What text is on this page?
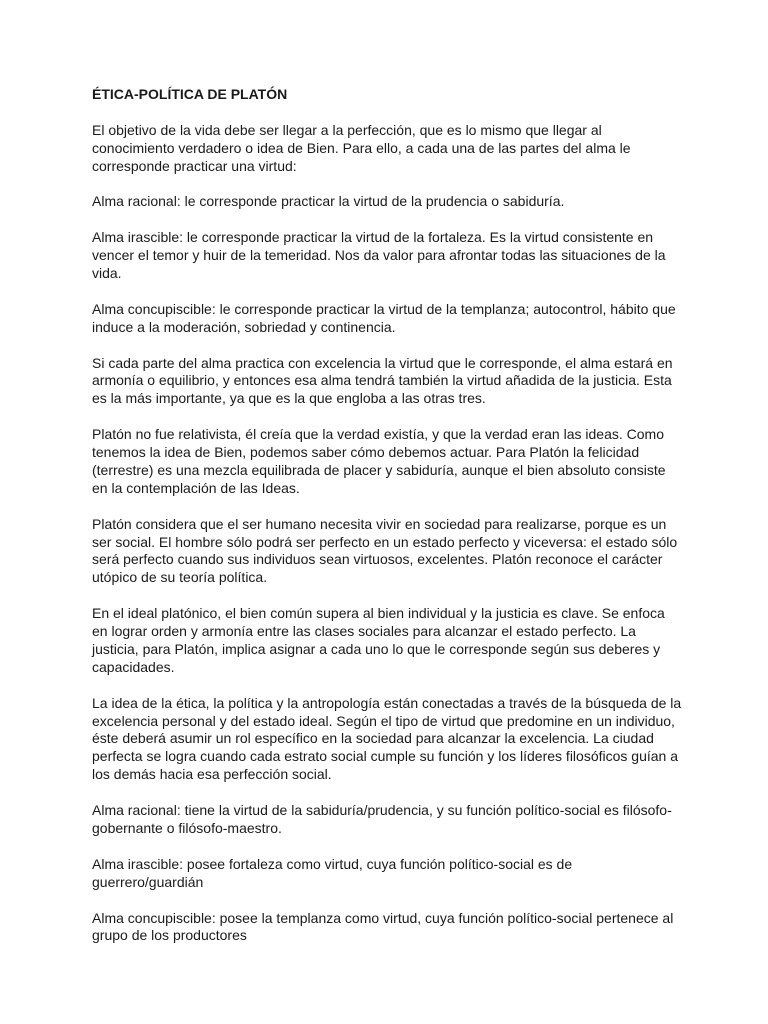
ÉTICA-POLÍTICA DE PLATÓN
El objetivo de la vida debe ser llegar a la perfección, que es lo mismo que llegar al conocimiento verdadero o idea de Bien. Para ello, a cada una de las partes del alma le corresponde practicar una virtud:
Alma racional: le corresponde practicar la virtud de la prudencia o sabiduría.
Alma irascible: le corresponde practicar la virtud de la fortaleza. Es la virtud consistente en vencer el temor y huir de la temeridad. Nos da valor para afrontar todas las situaciones de la vida.
Alma concupiscible: le corresponde practicar la virtud de la templanza; autocontrol, hábito que induce a la moderación, sobriedad y continencia.
Si cada parte del alma practica con excelencia la virtud que le corresponde, el alma estará en armonía o equilibrio, y entonces esa alma tendrá también la virtud añadida de la justicia. Esta es la más importante, ya que es la que engloba a las otras tres.
Platón no fue relativista, él creía que la verdad existía, y que la verdad eran las ideas. Como tenemos la idea de Bien, podemos saber cómo debemos actuar. Para Platón la felicidad (terrestre) es una mezcla equilibrada de placer y sabiduría, aunque el bien absoluto consiste en la contemplación de las Ideas.
Platón considera que el ser humano necesita vivir en sociedad para realizarse, porque es un ser social. El hombre sólo podrá ser perfecto en un estado perfecto y viceversa: el estado sólo será perfecto cuando sus individuos sean virtuosos, excelentes. Platón reconoce el carácter utópico de su teoría política.
En el ideal platónico, el bien común supera al bien individual y la justicia es clave. Se enfoca en lograr orden y armonía entre las clases sociales para alcanzar el estado perfecto. La justicia, para Platón, implica asignar a cada uno lo que le corresponde según sus deberes y capacidades.
La idea de la ética, la política y la antropología están conectadas a través de la búsqueda de la excelencia personal y del estado ideal. Según el tipo de virtud que predomine en un individuo, éste deberá asumir un rol específico en la sociedad para alcanzar la excelencia. La ciudad perfecta se logra cuando cada estrato social cumple su función y los líderes filosóficos guían a los demás hacia esa perfección social.
Alma racional: tiene la virtud de la sabiduría/prudencia, y su función político-social es filósofo-gobernante o filósofo-maestro.
Alma irascible: posee fortaleza como virtud, cuya función político-social es de guerrero/guardián
Alma concupiscible: posee la templanza como virtud, cuya función político-social pertenece al grupo de los productores
